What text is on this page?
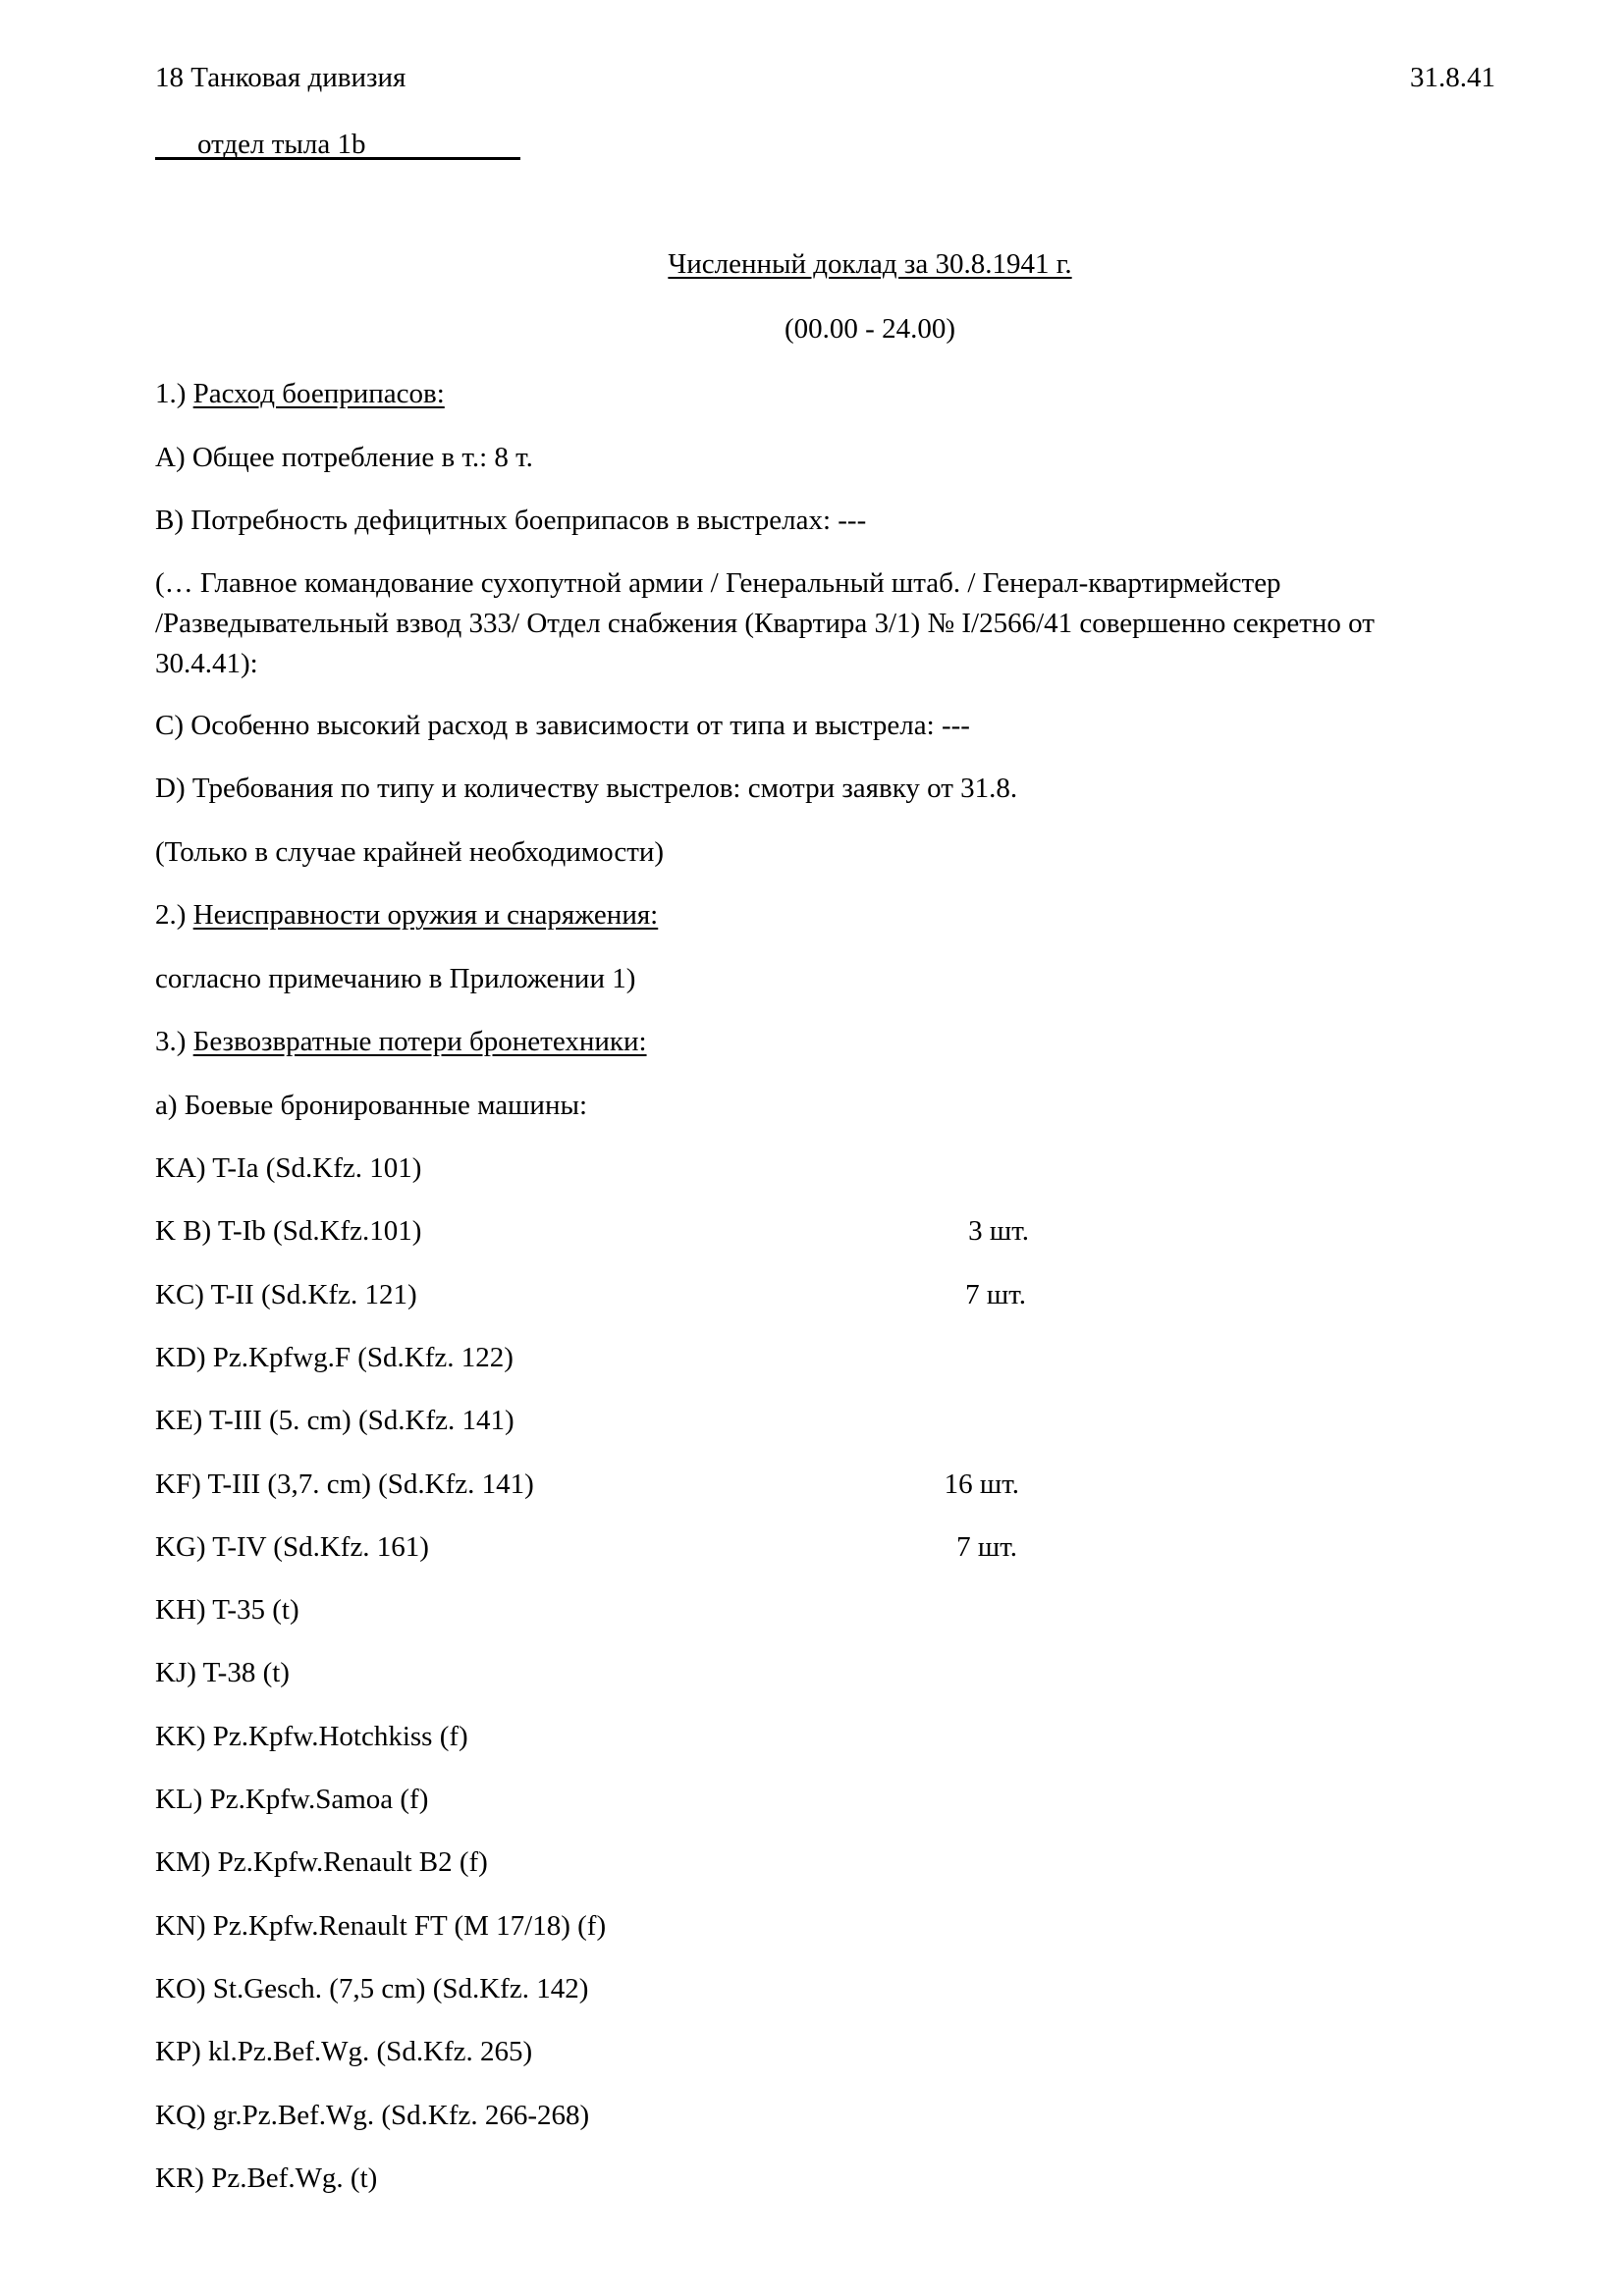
18 Танковая дивизия	31.8.41
отдел тыла 1b
Численный доклад за 30.8.1941 г.
(00.00 - 24.00)
1.) Расход боеприпасов:
A) Общее потребление в т.: 8 т.
B) Потребность дефицитных боеприпасов в выстрелах: ---
(… Главное командование сухопутной армии / Генеральный штаб. / Генерал-квартирмейстер
/Разведывательный взвод 333/ Отдел снабжения (Квартира 3/1) № I/2566/41 совершенно секретно от
30.4.41):
C) Особенно высокий расход в зависимости от типа и выстрела: ---
D) Требования по типу и количеству выстрелов: смотри заявку от 31.8.
(Только в случае крайней необходимости)
2.) Неисправности оружия и снаряжения:
согласно примечанию в Приложении 1)
3.) Безвозвратные потери бронетехники:
a) Боевые бронированные машины:
KA) T-Ia (Sd.Kfz. 101)
K B) T-Ib (Sd.Kfz.101)	3 шт.
KC) T-II (Sd.Kfz. 121)	7 шт.
KD) Pz.Kpfwg.F (Sd.Kfz. 122)
KE) T-III (5. cm) (Sd.Kfz. 141)
KF) T-III (3,7. cm) (Sd.Kfz. 141)	16 шт.
KG) T-IV (Sd.Kfz. 161)	7 шт.
KH) T-35 (t)
KJ) T-38 (t)
KK) Pz.Kpfw.Hotchkiss (f)
KL) Pz.Kpfw.Samoa (f)
KM) Pz.Kpfw.Renault B2 (f)
KN) Pz.Kpfw.Renault FT (M 17/18) (f)
KO) St.Gesch. (7,5 cm) (Sd.Kfz. 142)
KP) kl.Pz.Bef.Wg. (Sd.Kfz. 265)
KQ) gr.Pz.Bef.Wg. (Sd.Kfz. 266-268)
KR) Pz.Bef.Wg. (t)
